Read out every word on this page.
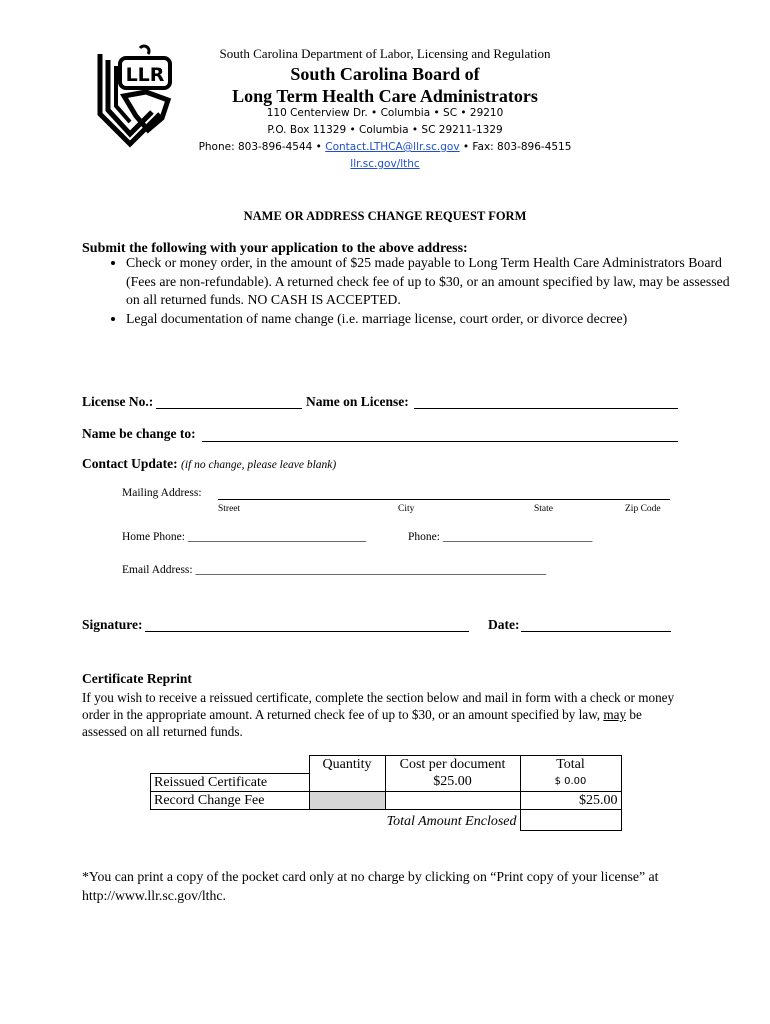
LLR
South Carolina Department of Labor, Licensing and Regulation
South Carolina Board of
Long Term Health Care Administrators
110 Centerview Dr. • Columbia • SC • 29210
P.O. Box 11329 • Columbia • SC 29211-1329
Phone: 803-896-4544 • Contact.LTHCA@llr.sc.gov • Fax: 803-896-4515
llr.sc.gov/lthc
NAME OR ADDRESS CHANGE REQUEST FORM
Submit the following with your application to the above address:
• Check or money order, in the amount of $25 made payable to Long Term Health Care Administrators Board (Fees are non-refundable). A returned check fee of up to $30, or an amount specified by law, may be assessed on all returned funds. NO CASH IS ACCEPTED.
• Legal documentation of name change (i.e. marriage license, court order, or divorce decree)
License No.:	Name on License:
Name be change to:
Contact Update: (if no change, please leave blank)
Mailing Address:
Street	City	State	Zip Code
Home Phone: _______________________________	Phone: __________________________
Email Address: _____________________________________________________________
Signature:	Date:
Certificate Reprint
If you wish to receive a reissued certificate, complete the section below and mail in form with a check or money order in the appropriate amount. A returned check fee of up to $30, or an amount specified by law, may be assessed on all returned funds.
	Quantity	Cost per document	Total
Reissued Certificate		$25.00	$ 0.00
Record Change Fee			$25.00
	Total Amount Enclosed		
*You can print a copy of the pocket card only at no charge by clicking on “Print copy of your license” at http://www.llr.sc.gov/lthc.
